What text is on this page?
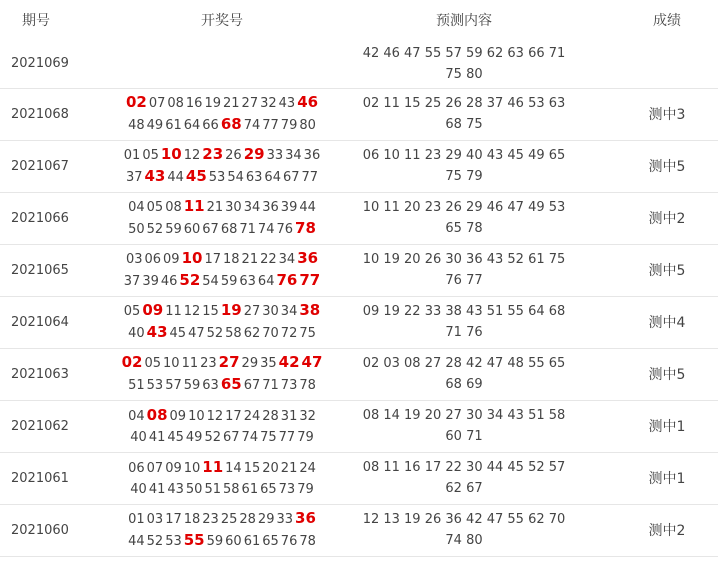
期号	开奖号	预测内容	成绩
2021069		42 46 47 55 57 59 62 63 66 71
75 80	

2021068	02 07 08 16 19 21 27 32 43 46
48 49 61 64 66 68 74 77 79 80	02 11 15 25 26 28 37 46 53 63
68 75	测中3
2021067	01 05 10 12 23 26 29 33 34 36
37 43 44 45 53 54 63 64 67 77	06 10 11 23 29 40 43 45 49 65
75 79	测中5
2021066	04 05 08 11 21 30 34 36 39 44
50 52 59 60 67 68 71 74 76 78	10 11 20 23 26 29 46 47 49 53
65 78	测中2
2021065	03 06 09 10 17 18 21 22 34 36
37 39 46 52 54 59 63 64 76 77	10 19 20 26 30 36 43 52 61 75
76 77	测中5
2021064	05 09 11 12 15 19 27 30 34 38
40 43 45 47 52 58 62 70 72 75	09 19 22 33 38 43 51 55 64 68
71 76	测中4
2021063	02 05 10 11 23 27 29 35 42 47
51 53 57 59 63 65 67 71 73 78	02 03 08 27 28 42 47 48 55 65
68 69	测中5
2021062	04 08 09 10 12 17 24 28 31 32
40 41 45 49 52 67 74 75 77 79	08 14 19 20 27 30 34 43 51 58
60 71	测中1
2021061	06 07 09 10 11 14 15 20 21 24
40 41 43 50 51 58 61 65 73 79	08 11 16 17 22 30 44 45 52 57
62 67	测中1
2021060	01 03 17 18 23 25 28 29 33 36
44 52 53 55 59 60 61 65 76 78	12 13 19 26 36 42 47 55 62 70
74 80	测中2
